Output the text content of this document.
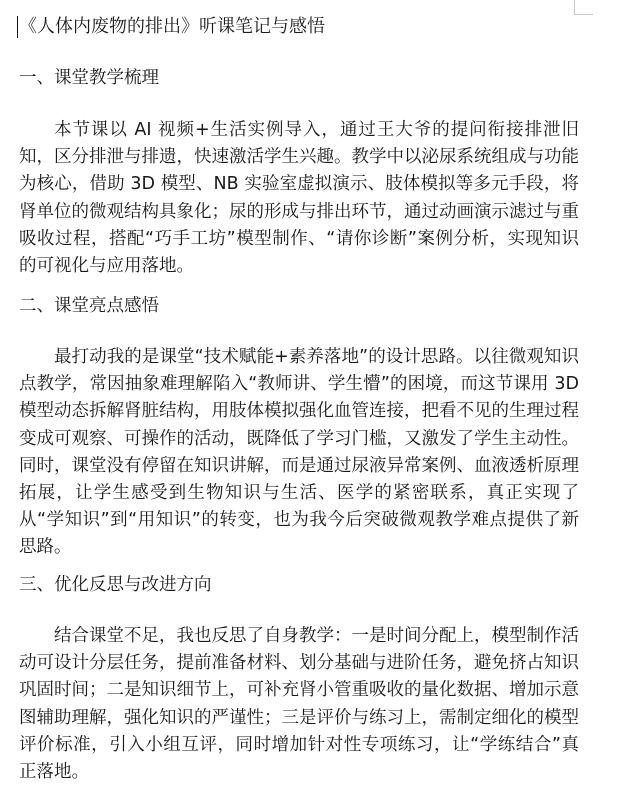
《人体内废物的排出》听课笔记与感悟
一、课堂教学梳理

本节课以 AI 视频+生活实例导入，通过王大爷的提问衔接排泄旧知，区分排泄与排遗，快速激活学生兴趣。教学中以泌尿系统组成与功能为核心，借助 3D 模型、NB 实验室虚拟演示、肢体模拟等多元手段，将肾单位的微观结构具象化；尿的形成与排出环节，通过动画演示滤过与重吸收过程，搭配“巧手工坊”模型制作、“请你诊断”案例分析，实现知识的可视化与应用落地。

二、课堂亮点感悟

最打动我的是课堂“技术赋能+素养落地”的设计思路。以往微观知识点教学，常因抽象难理解陷入“教师讲、学生懵”的困境，而这节课用 3D 模型动态拆解肾脏结构，用肢体模拟强化血管连接，把看不见的生理过程变成可观察、可操作的活动，既降低了学习门槛，又激发了学生主动性。同时，课堂没有停留在知识讲解，而是通过尿液异常案例、血液透析原理拓展，让学生感受到生物知识与生活、医学的紧密联系，真正实现了从“学知识”到“用知识”的转变，也为我今后突破微观教学难点提供了新思路。

三、优化反思与改进方向

结合课堂不足，我也反思了自身教学：一是时间分配上，模型制作活动可设计分层任务，提前准备材料、划分基础与进阶任务，避免挤占知识巩固时间；二是知识细节上，可补充肾小管重吸收的量化数据、增加示意图辅助理解，强化知识的严谨性；三是评价与练习上，需制定细化的模型评价标准，引入小组互评，同时增加针对性专项练习，让“学练结合”真正落地。
